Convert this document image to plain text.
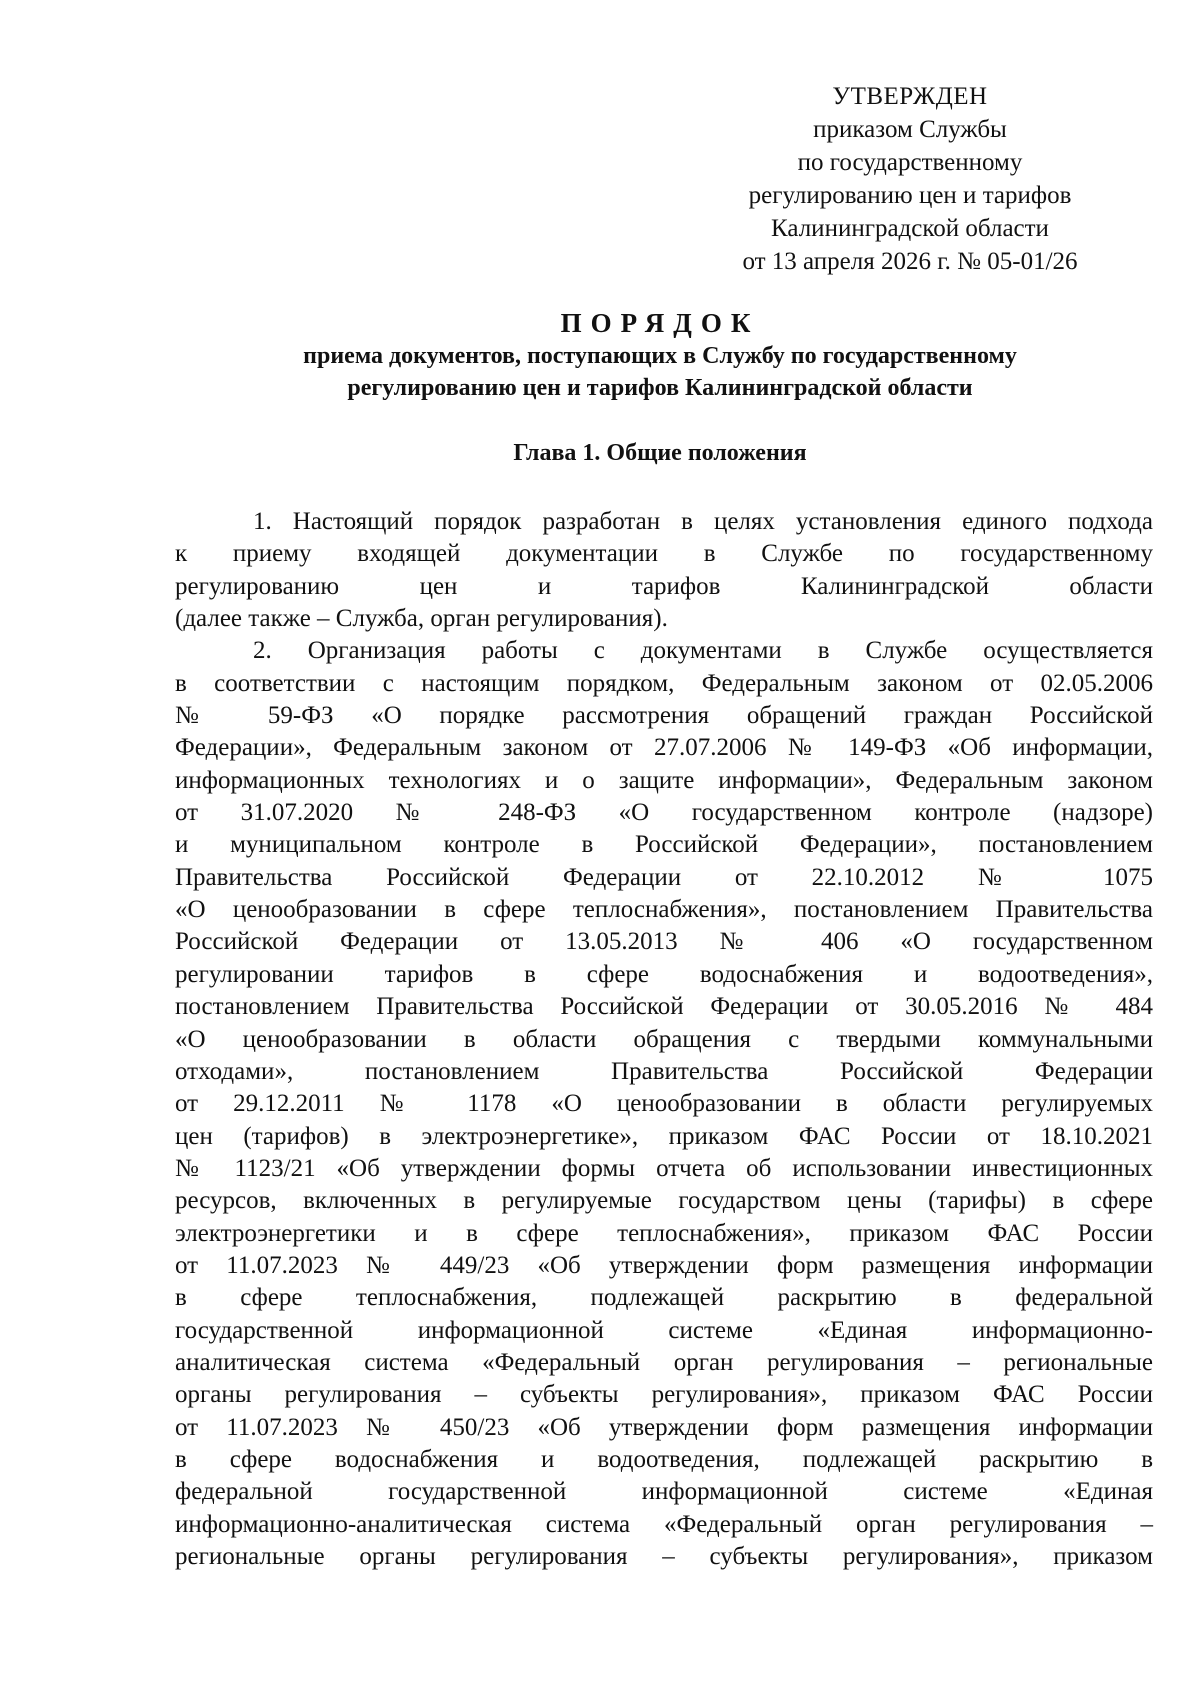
УТВЕРЖДЕН
приказом Службы
по государственному
регулированию цен и тарифов
Калининградской области
от 13 апреля 2026 г. № 05-01/26
ПОРЯДОК
приема документов, поступающих в Службу по государственному
регулированию цен и тарифов Калининградской области
Глава 1. Общие положения
1. Настоящий порядок разработан в целях установления единого подхода
к приему входящей документации в Службе по государственному
регулированию цен и тарифов Калининградской области
(далее также – Служба, орган регулирования).
2. Организация работы с документами в Службе осуществляется
в соответствии с настоящим порядком, Федеральным законом от 02.05.2006
№ 59-ФЗ «О порядке рассмотрения обращений граждан Российской
Федерации», Федеральным законом от 27.07.2006 № 149-ФЗ «Об информации,
информационных технологиях и о защите информации», Федеральным законом
от 31.07.2020 № 248-ФЗ «О государственном контроле (надзоре)
и муниципальном контроле в Российской Федерации», постановлением
Правительства Российской Федерации от 22.10.2012 № 1075
«О ценообразовании в сфере теплоснабжения», постановлением Правительства
Российской Федерации от 13.05.2013 № 406 «О государственном
регулировании тарифов в сфере водоснабжения и водоотведения»,
постановлением Правительства Российской Федерации от 30.05.2016 № 484
«О ценообразовании в области обращения с твердыми коммунальными
отходами», постановлением Правительства Российской Федерации
от 29.12.2011 № 1178 «О ценообразовании в области регулируемых
цен (тарифов) в электроэнергетике», приказом ФАС России от 18.10.2021
№ 1123/21 «Об утверждении формы отчета об использовании инвестиционных
ресурсов, включенных в регулируемые государством цены (тарифы) в сфере
электроэнергетики и в сфере теплоснабжения», приказом ФАС России
от 11.07.2023 № 449/23 «Об утверждении форм размещения информации
в сфере теплоснабжения, подлежащей раскрытию в федеральной
государственной информационной системе «Единая информационно-
аналитическая система «Федеральный орган регулирования – региональные
органы регулирования – субъекты регулирования», приказом ФАС России
от 11.07.2023 № 450/23 «Об утверждении форм размещения информации
в сфере водоснабжения и водоотведения, подлежащей раскрытию в
федеральной государственной информационной системе «Единая
информационно-аналитическая система «Федеральный орган регулирования –
региональные органы регулирования – субъекты регулирования», приказом
